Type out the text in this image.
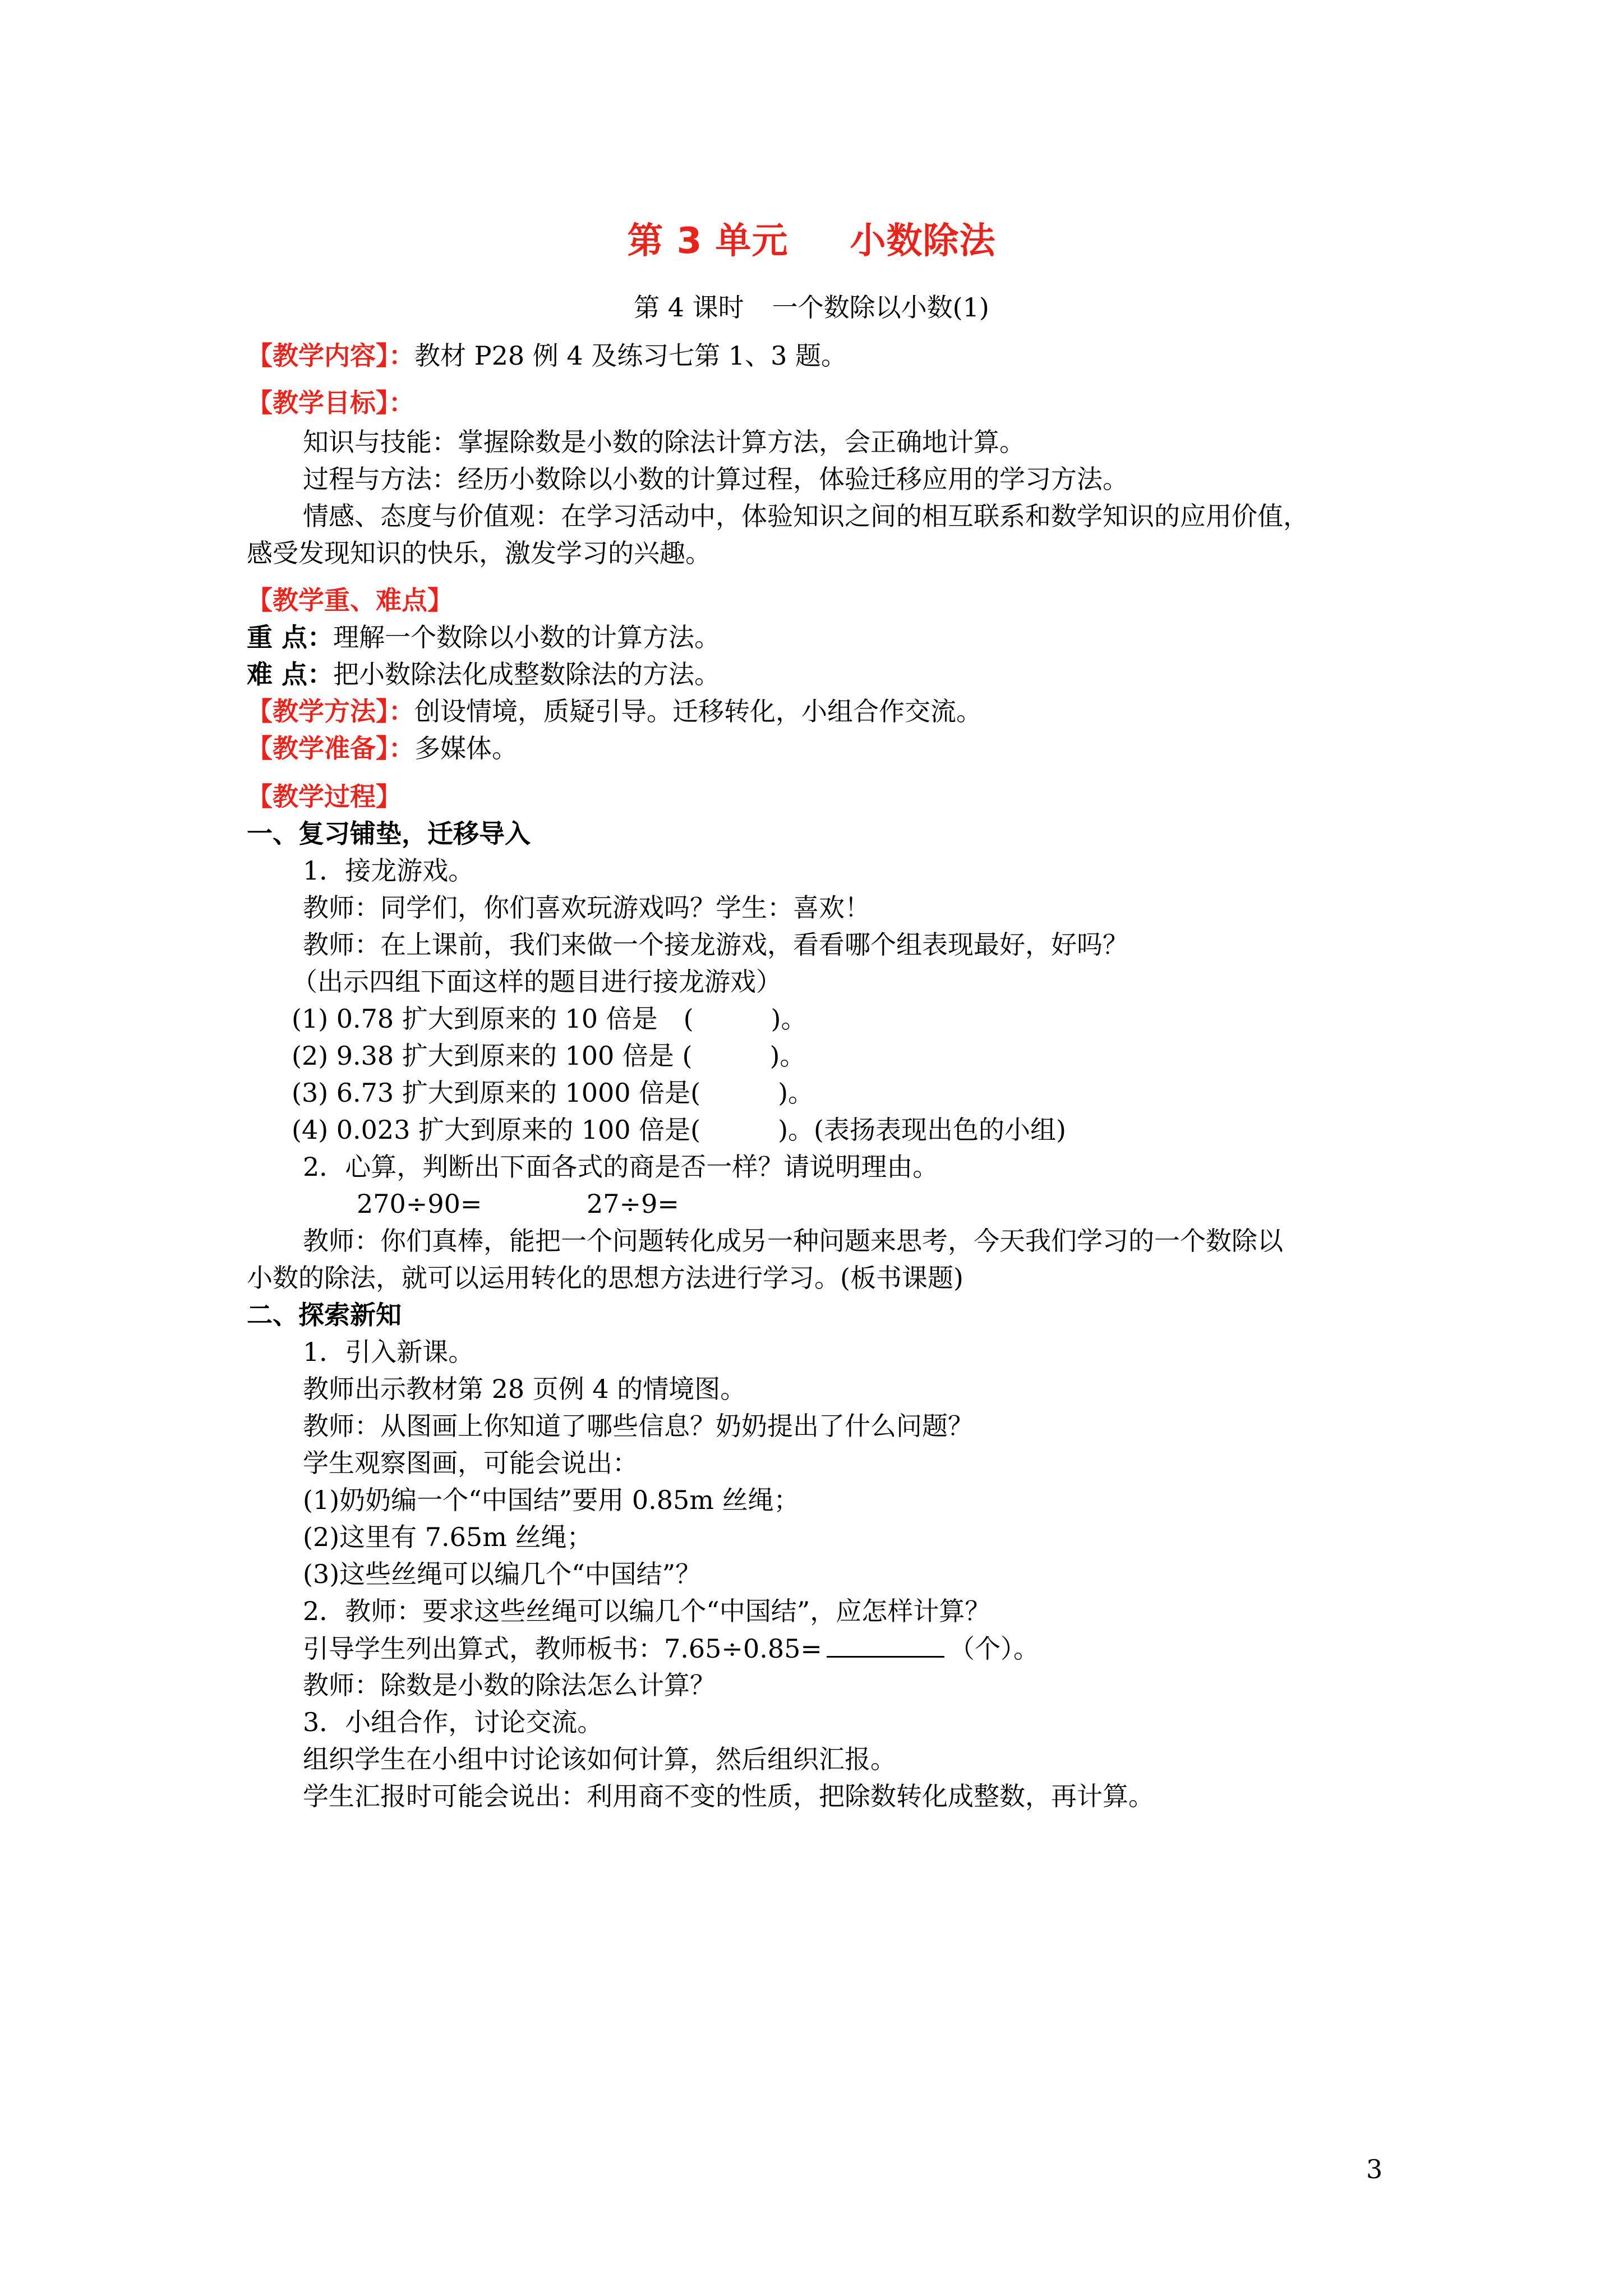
第 3 单元 小数除法
第 4 课时 一个数除以小数(1)
【教学内容】：教材 P28 例 4 及练习七第 1、3 题。
【教学目标】：
知识与技能：掌握除数是小数的除法计算方法，会正确地计算。
过程与方法：经历小数除以小数的计算过程，体验迁移应用的学习方法。
情感、态度与价值观：在学习活动中，体验知识之间的相互联系和数学知识的应用价值，
感受发现知识的快乐，激发学习的兴趣。
【教学重、难点】
重 点：理解一个数除以小数的计算方法。
难 点：把小数除法化成整数除法的方法。
【教学方法】：创设情境，质疑引导。迁移转化，小组合作交流。
【教学准备】：多媒体。
【教学过程】
一、复习铺垫，迁移导入
1．接龙游戏。
教师：同学们，你们喜欢玩游戏吗？学生：喜欢！
教师：在上课前，我们来做一个接龙游戏，看看哪个组表现最好，好吗？
（出示四组下面这样的题目进行接龙游戏）
(1) 0.78 扩大到原来的 10 倍是　(　　　)。
(2) 9.38 扩大到原来的 100 倍是 (　　　)。
(3) 6.73 扩大到原来的 1000 倍是(　　　)。
(4) 0.023 扩大到原来的 100 倍是(　　　)。(表扬表现出色的小组)
2．心算，判断出下面各式的商是否一样？请说明理由。
270÷90=	27÷9=
教师：你们真棒，能把一个问题转化成另一种问题来思考，今天我们学习的一个数除以
小数的除法，就可以运用转化的思想方法进行学习。(板书课题)
二、探索新知
1．引入新课。
教师出示教材第 28 页例 4 的情境图。
教师：从图画上你知道了哪些信息？奶奶提出了什么问题？
学生观察图画，可能会说出：
(1)奶奶编一个“中国结”要用 0.85m 丝绳；
(2)这里有 7.65m 丝绳；
(3)这些丝绳可以编几个“中国结”？
2．教师：要求这些丝绳可以编几个“中国结”，应怎样计算？
引导学生列出算式，教师板书：7.65÷0.85=	（个）。
教师：除数是小数的除法怎么计算？
3．小组合作，讨论交流。
组织学生在小组中讨论该如何计算，然后组织汇报。
学生汇报时可能会说出：利用商不变的性质，把除数转化成整数，再计算。
3
